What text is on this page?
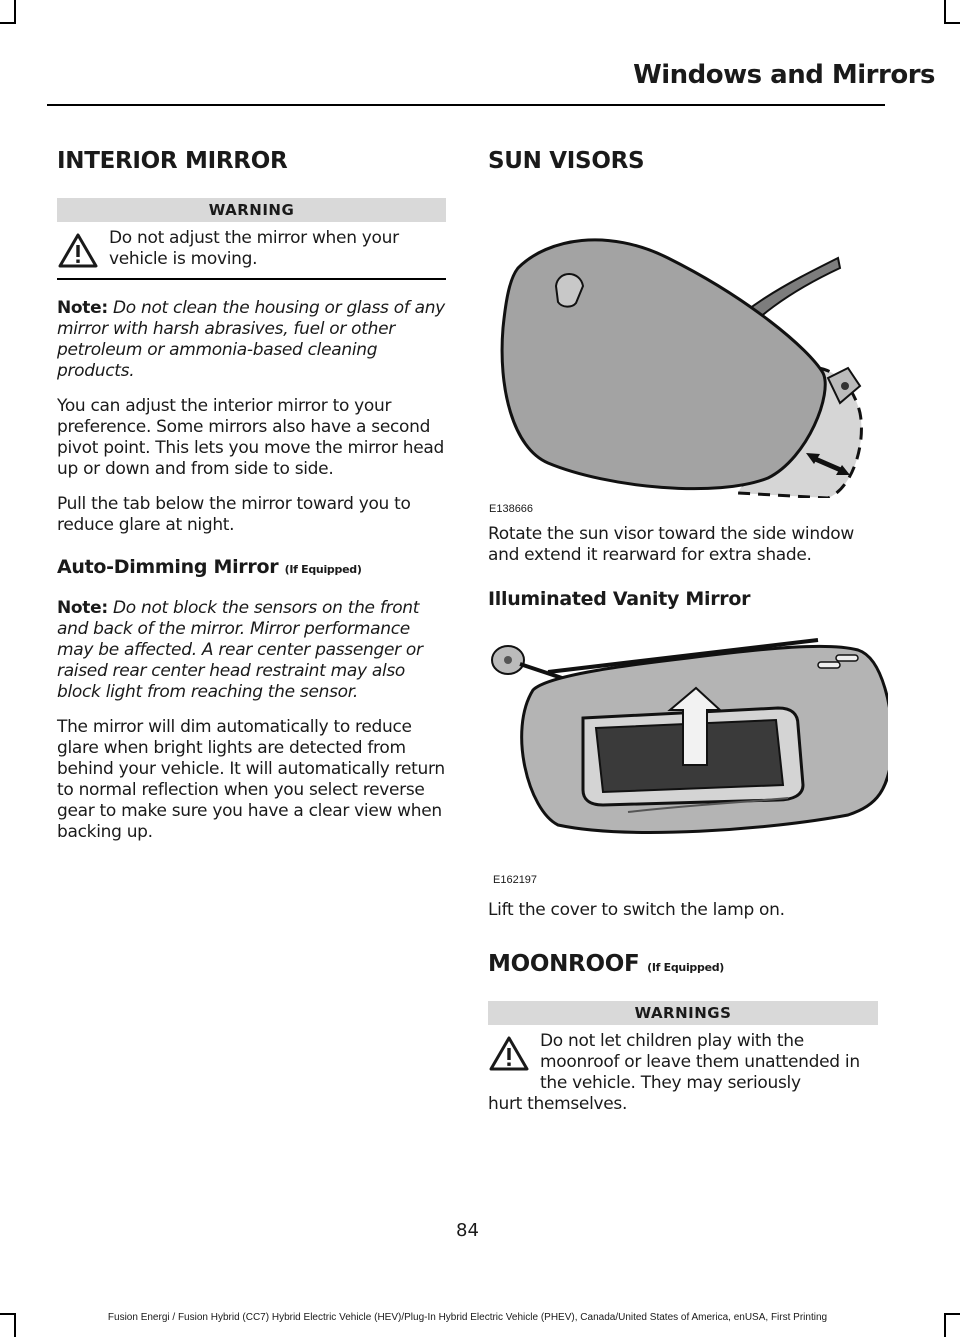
Windows and Mirrors
INTERIOR MIRROR
WARNING
Do not adjust the mirror when your vehicle is moving.

Note: Do not clean the housing or glass of any mirror with harsh abrasives, fuel or other petroleum or ammonia-based cleaning products.

You can adjust the interior mirror to your preference. Some mirrors also have a second pivot point. This lets you move the mirror head up or down and from side to side.

Pull the tab below the mirror toward you to reduce glare at night.

Auto-Dimming Mirror (If Equipped)

Note: Do not block the sensors on the front and back of the mirror. Mirror performance may be affected. A rear center passenger or raised rear center head restraint may also block light from reaching the sensor.

The mirror will dim automatically to reduce glare when bright lights are detected from behind your vehicle. It will automatically return to normal reflection when you select reverse gear to make sure you have a clear view when backing up.

SUN VISORS
E138666

Rotate the sun visor toward the side window and extend it rearward for extra shade.

Illuminated Vanity Mirror
E162197

Lift the cover to switch the lamp on.

MOONROOF (If Equipped)
WARNINGS
Do not let children play with the moonroof or leave them unattended in the vehicle. They may seriously
hurt themselves.
84
Fusion Energi / Fusion Hybrid (CC7) Hybrid Electric Vehicle (HEV)/Plug-In Hybrid Electric Vehicle (PHEV), Canada/United States of America, enUSA, First Printing
